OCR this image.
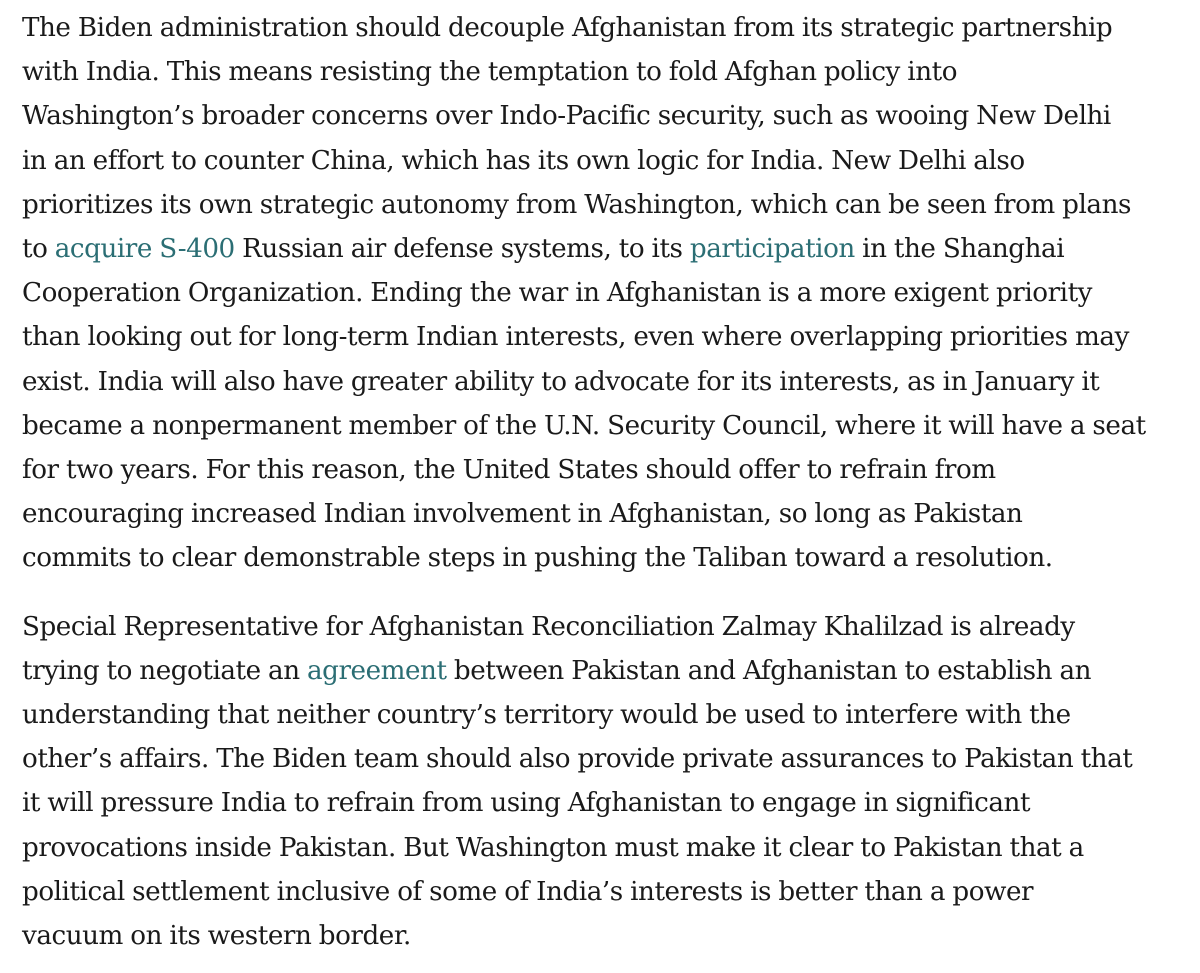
The Biden administration should decouple Afghanistan from its strategic partnership
with India. This means resisting the temptation to fold Afghan policy into
Washington’s broader concerns over Indo-Pacific security, such as wooing New Delhi
in an effort to counter China, which has its own logic for India. New Delhi also
prioritizes its own strategic autonomy from Washington, which can be seen from plans
to acquire S-400 Russian air defense systems, to its participation in the Shanghai
Cooperation Organization. Ending the war in Afghanistan is a more exigent priority
than looking out for long-term Indian interests, even where overlapping priorities may
exist. India will also have greater ability to advocate for its interests, as in January it
became a nonpermanent member of the U.N. Security Council, where it will have a seat
for two years. For this reason, the United States should offer to refrain from
encouraging increased Indian involvement in Afghanistan, so long as Pakistan
commits to clear demonstrable steps in pushing the Taliban toward a resolution.

Special Representative for Afghanistan Reconciliation Zalmay Khalilzad is already
trying to negotiate an agreement between Pakistan and Afghanistan to establish an
understanding that neither country’s territory would be used to interfere with the
other’s affairs. The Biden team should also provide private assurances to Pakistan that
it will pressure India to refrain from using Afghanistan to engage in significant
provocations inside Pakistan. But Washington must make it clear to Pakistan that a
political settlement inclusive of some of India’s interests is better than a power
vacuum on its western border.
